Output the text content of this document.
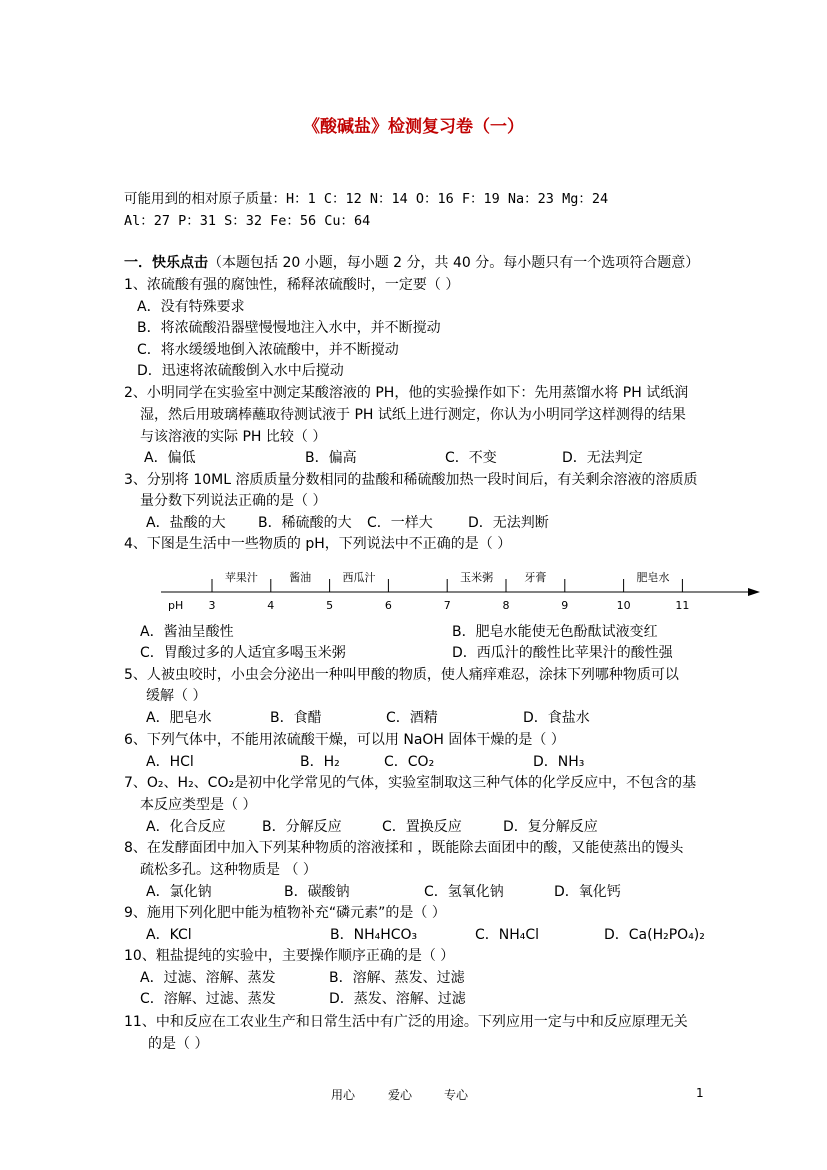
《酸碱盐》检测复习卷（一）
可能用到的相对原子质量：H：1 C：12 N：14 O：16 F：19 Na：23 Mg：24
Al：27 P：31 S：32 Fe：56 Cu：64
一．快乐点击（本题包括 20 小题，每小题 2 分，共 40 分。每小题只有一个选项符合题意）
1、浓硫酸有强的腐蚀性，稀释浓硫酸时，一定要（ ）
A．没有特殊要求
B．将浓硫酸沿器壁慢慢地注入水中，并不断搅动
C．将水缓缓地倒入浓硫酸中，并不断搅动
D．迅速将浓硫酸倒入水中后搅动
2、小明同学在实验室中测定某酸溶液的 PH，他的实验操作如下：先用蒸馏水将 PH 试纸润
湿，然后用玻璃棒蘸取待测试液于 PH 试纸上进行测定，你认为小明同学这样测得的结果
与该溶液的实际 PH 比较（ ）
A．偏低	B．偏高	C．不变	D．无法判定
3、分别将 10ML 溶质质量分数相同的盐酸和稀硫酸加热一段时间后，有关剩余溶液的溶质质
量分数下列说法正确的是（ ）
A．盐酸的大 B．稀硫酸的大 C．一样大	D．无法判断
4、下图是生活中一些物质的 pH，下列说法中不正确的是（ ）
pH 3	4	5	6	7	8	9	10	11
苹果汁	酱油	西瓜汁	玉米粥	牙膏	肥皂水
A．酱油呈酸性	B．肥皂水能使无色酚酞试液变红
C．胃酸过多的人适宜多喝玉米粥	D．西瓜汁的酸性比苹果汁的酸性强
5、人被虫咬时，小虫会分泌出一种叫甲酸的物质，使人痛痒难忍，涂抹下列哪种物质可以
缓解（ ）
A．肥皂水	B．食醋	C．酒精	D．食盐水
6、下列气体中，不能用浓硫酸干燥，可以用 NaOH 固体干燥的是（ ）
A．HCl	B．H₂	C．CO₂	D．NH₃
7、O₂、H₂、CO₂是初中化学常见的气体，实验室制取这三种气体的化学反应中，不包含的基
本反应类型是（ ）
A．化合反应	B．分解反应	C．置换反应	D．复分解反应
8、在发酵面团中加入下列某种物质的溶液揉和 ，既能除去面团中的酸，又能使蒸出的馒头
疏松多孔。这种物质是 （ ）
A．氯化钠	B．碳酸钠	C．氢氧化钠	D．氧化钙
9、施用下列化肥中能为植物补充“磷元素”的是（ ）
A．KCl	B．NH₄HCO₃	C．NH₄Cl	D．Ca(H₂PO₄)₂
10、粗盐提纯的实验中，主要操作顺序正确的是（ ）
A．过滤、溶解、蒸发	B．溶解、蒸发、过滤
C．溶解、过滤、蒸发	D．蒸发、溶解、过滤
11、中和反应在工农业生产和日常生活中有广泛的用途。下列应用一定与中和反应原理无关
的是（ ）
用心	爱心	专心	1
